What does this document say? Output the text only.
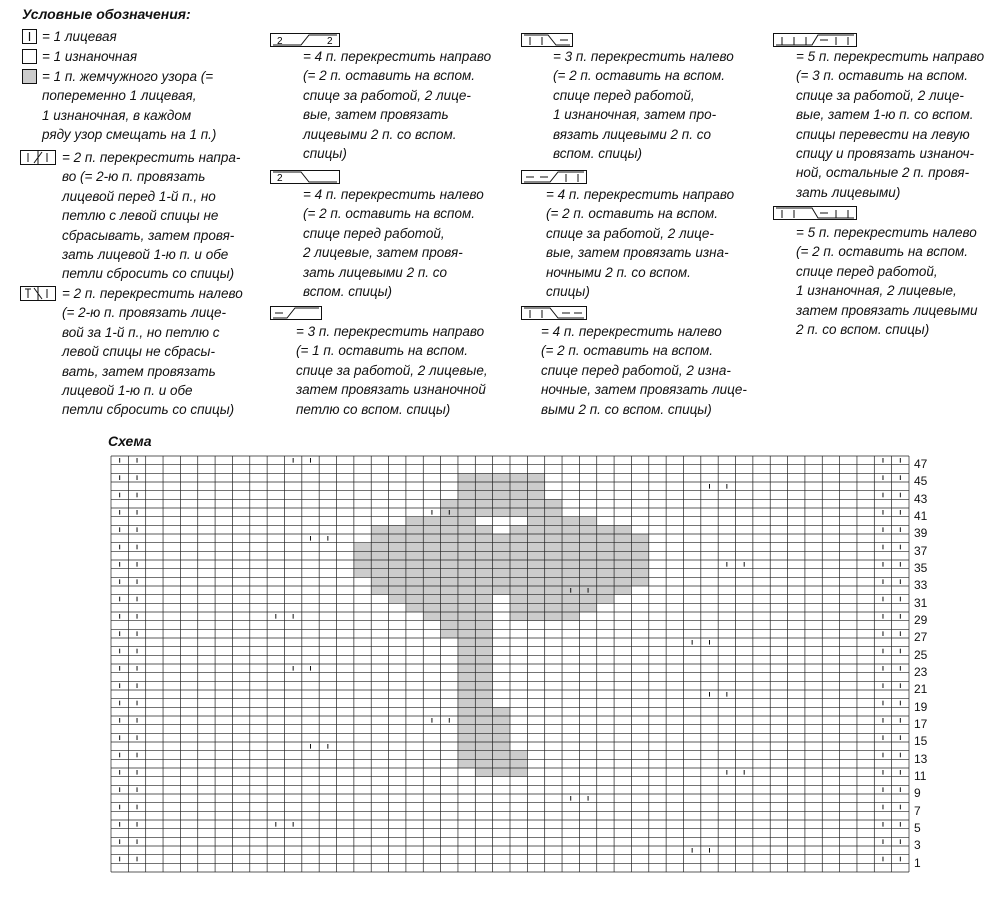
Условные обозначения:
= 1 лицевая
= 1 изнаночная
= 1 п. жемчужного узора (=
попеременно 1 лицевая,
1 изнаночная, в каждом
ряду узор смещать на 1 п.)
= 2 п. перекрестить напра-
во (= 2-ю п. провязать
лицевой перед 1-й п., но
петлю с левой спицы не
сбрасывать, затем провя-
зать лицевой 1-ю п. и обе
петли сбросить со спицы)
= 2 п. перекрестить налево
(= 2-ю п. провязать лице-
вой за 1-й п., но петлю с
левой спицы не сбрасы-
вать, затем провязать
лицевой 1-ю п. и обе
петли сбросить со спицы)
2	2
= 4 п. перекрестить направо
(= 2 п. оставить на вспом.
спице за работой, 2 лице-
вые, затем провязать
лицевыми 2 п. со вспом.
спицы)
2
= 4 п. перекрестить налево
(= 2 п. оставить на вспом.
спице перед работой,
2 лицевые, затем провя-
зать лицевыми 2 п. со
вспом. спицы)
= 3 п. перекрестить направо
(= 1 п. оставить на вспом.
спице за работой, 2 лицевые,
затем провязать изнаночной
петлю со вспом. спицы)
= 3 п. перекрестить налево
(= 2 п. оставить на вспом.
спице перед работой,
1 изнаночная, затем про-
вязать лицевыми 2 п. со
вспом. спицы)
= 4 п. перекрестить направо
(= 2 п. оставить на вспом.
спице за работой, 2 лице-
вые, затем провязать изна-
ночными 2 п. со вспом.
спицы)
= 4 п. перекрестить налево
(= 2 п. оставить на вспом.
спице перед работой, 2 изна-
ночные, затем провязать лице-
выми 2 п. со вспом. спицы)
= 5 п. перекрестить направо
(= 3 п. оставить на вспом.
спице за работой, 2 лице-
вые, затем 1-ю п. со вспом.
спицы перевести на левую
спицу и провязать изнаноч-
ной, остальные 2 п. провя-
зать лицевыми)
= 5 п. перекрестить налево
(= 2 п. оставить на вспом.
спице перед работой,
1 изнаночная, 2 лицевые,
затем провязать лицевыми
2 п. со вспом. спицы)
Схема
47
45
43
41
39
37
35
33
31
29
27
25
23
21
19
17
15
13
11
9
7
5
3
1
